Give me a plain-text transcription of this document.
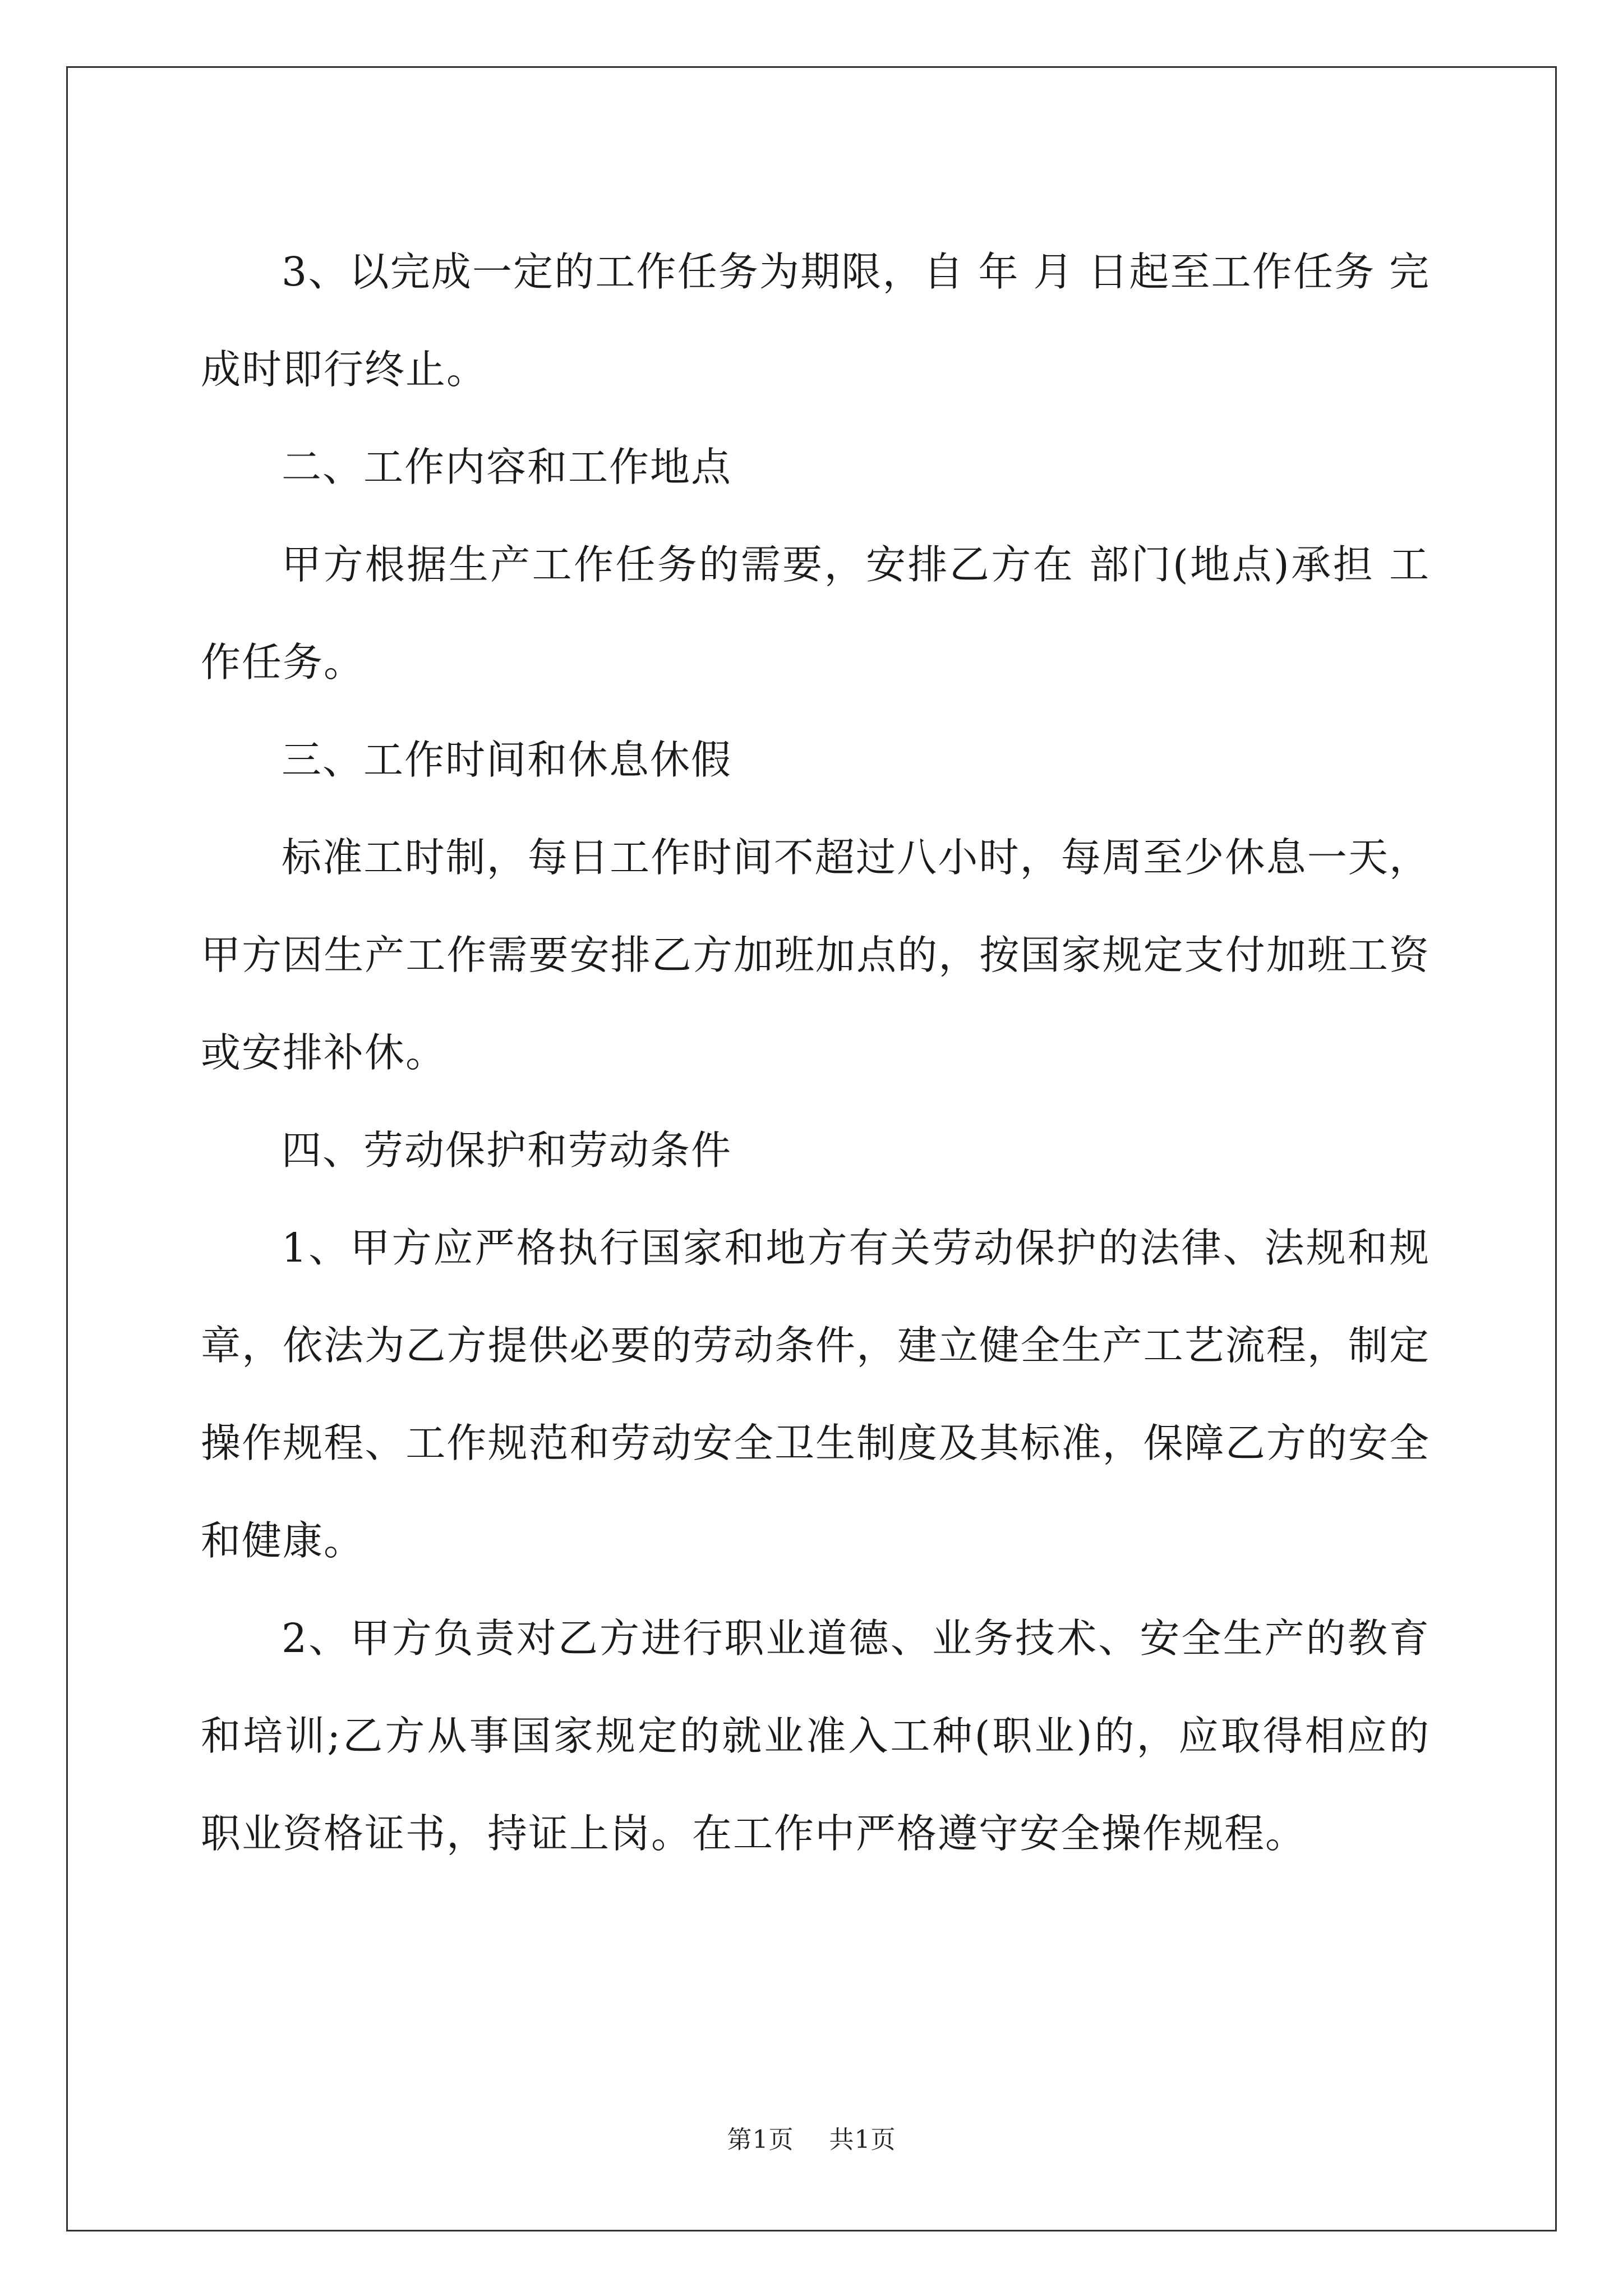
3、以完成一定的工作任务为期限，自 年 月 日起至工作任务 完成时即行终止。

二、工作内容和工作地点

甲方根据生产工作任务的需要，安排乙方在 部门(地点)承担 工作任务。

三、工作时间和休息休假

标准工时制，每日工作时间不超过八小时，每周至少休息一天，甲方因生产工作需要安排乙方加班加点的，按国家规定支付加班工资或安排补休。

四、劳动保护和劳动条件

1、甲方应严格执行国家和地方有关劳动保护的法律、法规和规章，依法为乙方提供必要的劳动条件，建立健全生产工艺流程，制定操作规程、工作规范和劳动安全卫生制度及其标准，保障乙方的安全和健康。

2、甲方负责对乙方进行职业道德、业务技术、安全生产的教育和培训;乙方从事国家规定的就业准入工种(职业)的，应取得相应的职业资格证书，持证上岗。在工作中严格遵守安全操作规程。

第1页 共1页
